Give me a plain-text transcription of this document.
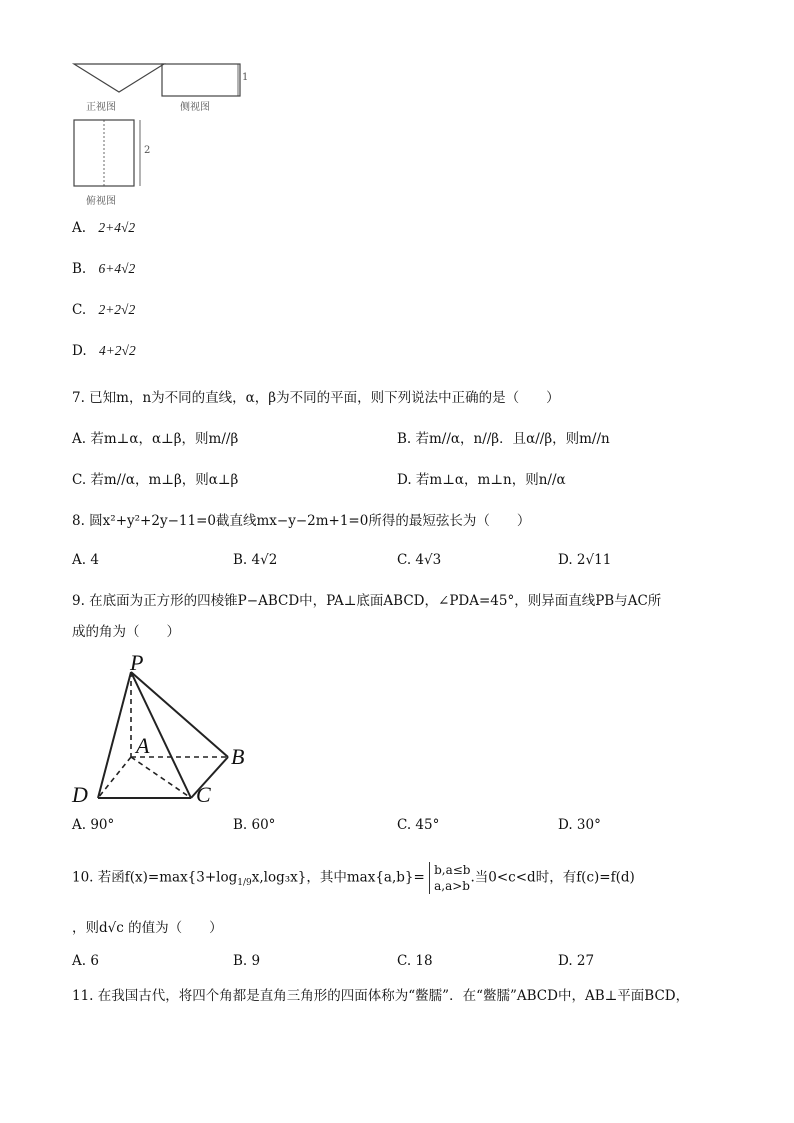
正视图	侧视图
俯视图
1
2
A. 2+4√2
B. 6+4√2
C. 2+2√2
D. 4+2√2
7. 已知m，n为不同的直线，α，β为不同的平面，则下列说法中正确的是（　　）
A. 若m⊥α，α⊥β，则m//β	B. 若m//α，n//β．且α//β，则m//n
C. 若m//α，m⊥β，则α⊥β	D. 若m⊥α，m⊥n，则n//α
8. 圆x²+y²+2y−11=0截直线mx−y−2m+1=0所得的最短弦长为（　　）
A. 4	B. 4√2	C. 4√3	D. 2√11
9. 在底面为正方形的四棱锥P−ABCD中，PA⊥底面ABCD，∠PDA=45°，则异面直线PB与AC所
成的角为（　　）
P
A	B
C
D
A. 90°	B. 60°	C. 45°	D. 30°
10. 若函$f(x)=\max\{3+\log_{1/9}x,\log_3x\}$，其中max{a,b}= b,a≤b
a,a>b
.当0<c<d时，有f(c)=f(d)
，则d√c 的值为（　　）
A. 6	B. 9	C. 18	D. 27
11. 在我国古代，将四个角都是直角三角形的四面体称为“鳖臑”．在“鳖臑”ABCD中，AB⊥平面BCD，
